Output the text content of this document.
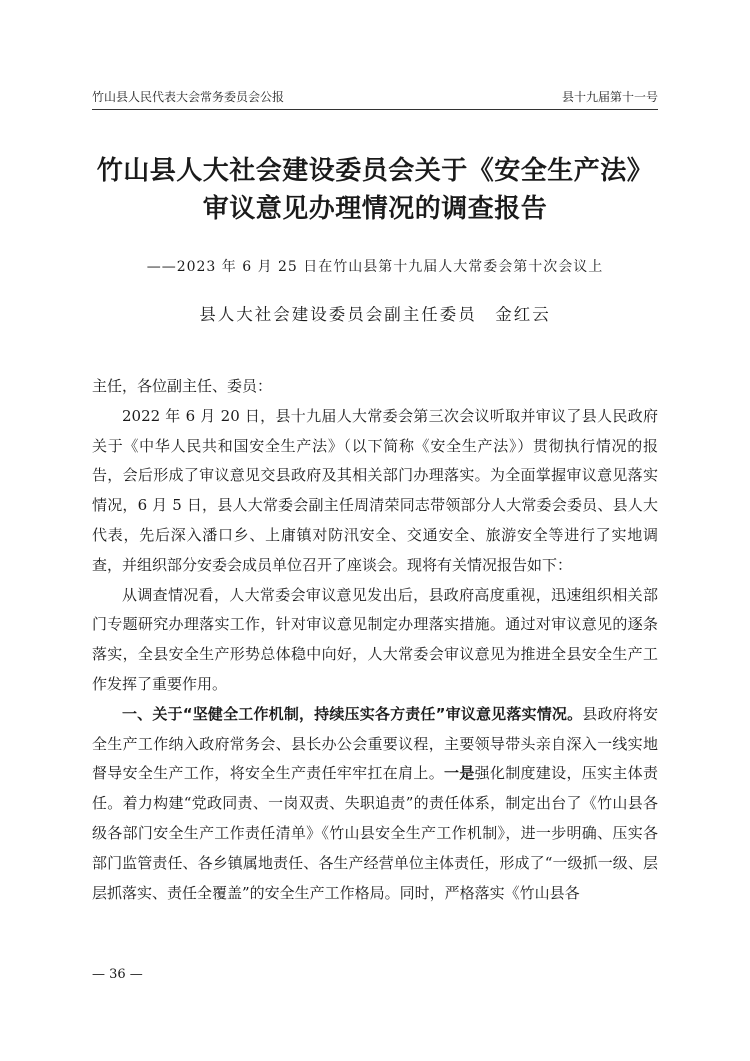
竹山县人民代表大会常务委员会公报	县十九届第十一号
竹山县人大社会建设委员会关于《安全生产法》
审议意见办理情况的调查报告
——2023 年 6 月 25 日在竹山县第十九届人大常委会第十次会议上
县人大社会建设委员会副主任委员　金红云

主任，各位副主任、委员：

2022 年 6 月 20 日，县十九届人大常委会第三次会议听取并审议了县人民政府关于《中华人民共和国安全生产法》（以下简称《安全生产法》）贯彻执行情况的报告，会后形成了审议意见交县政府及其相关部门办理落实。为全面掌握审议意见落实情况，6 月 5 日，县人大常委会副主任周清荣同志带领部分人大常委会委员、县人大代表，先后深入潘口乡、上庸镇对防汛安全、交通安全、旅游安全等进行了实地调查，并组织部分安委会成员单位召开了座谈会。现将有关情况报告如下：

从调查情况看，人大常委会审议意见发出后，县政府高度重视，迅速组织相关部门专题研究办理落实工作，针对审议意见制定办理落实措施。通过对审议意见的逐条落实，全县安全生产形势总体稳中向好，人大常委会审议意见为推进全县安全生产工作发挥了重要作用。

一、关于“坚健全工作机制，持续压实各方责任”审议意见落实情况。县政府将安全生产工作纳入政府常务会、县长办公会重要议程，主要领导带头亲自深入一线实地督导安全生产工作，将安全生产责任牢牢扛在肩上。一是强化制度建设，压实主体责任。着力构建“党政同责、一岗双责、失职追责”的责任体系，制定出台了《竹山县各级各部门安全生产工作责任清单》《竹山县安全生产工作机制》，进一步明确、压实各部门监管责任、各乡镇属地责任、各生产经营单位主体责任，形成了“一级抓一级、层层抓落实、责任全覆盖”的安全生产工作格局。同时，严格落实《竹山县各

— 36 —
